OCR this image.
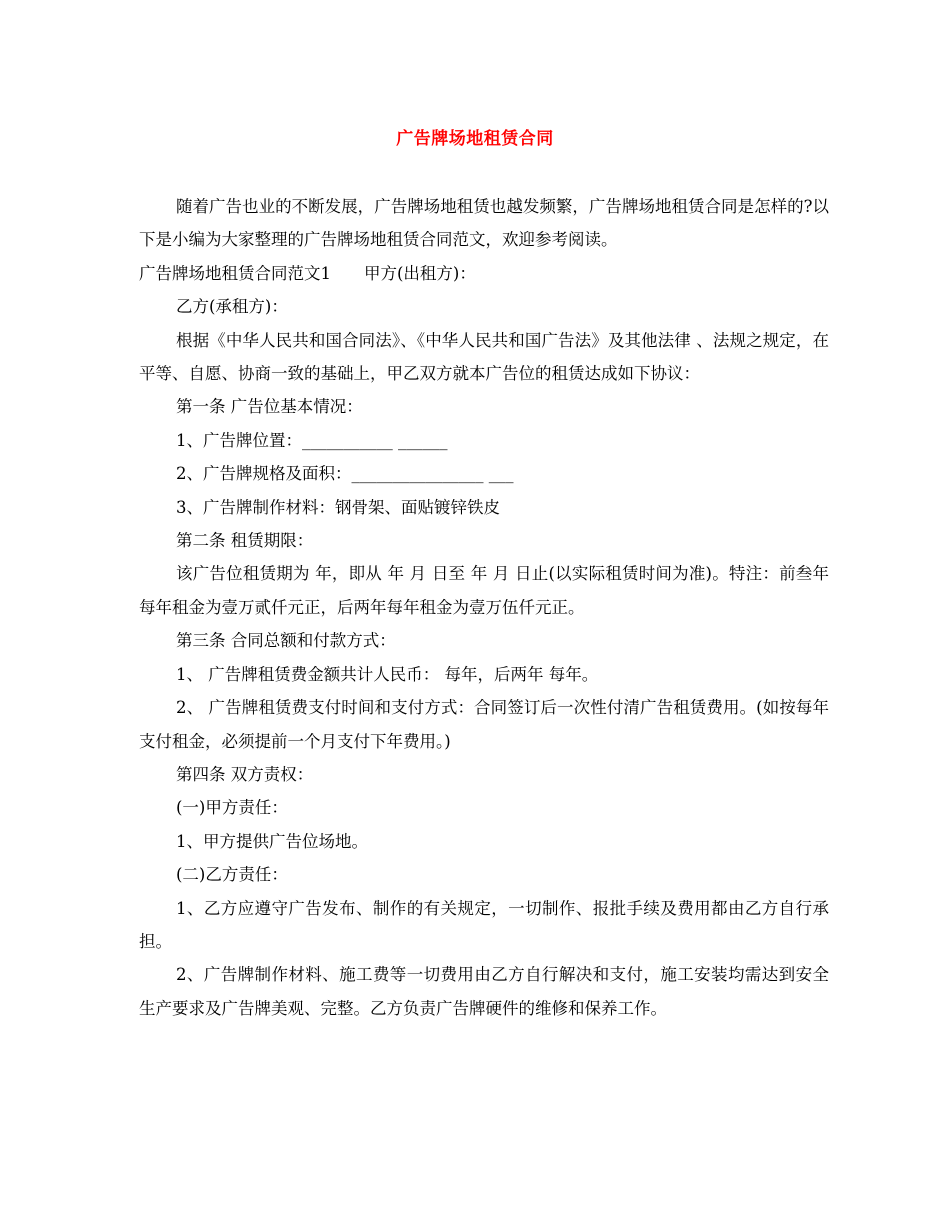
广告牌场地租赁合同

随着广告也业的不断发展，广告牌场地租赁也越发频繁，广告牌场地租赁合同是怎样的?以下是小编为大家整理的广告牌场地租赁合同范文，欢迎参考阅读。

广告牌场地租赁合同范文1　　甲方(出租方)：

乙方(承租方)：

根据《中华人民共和国合同法》、《中华人民共和国广告法》及其他法律 、法规之规定，在平等、自愿、协商一致的基础上，甲乙双方就本广告位的租赁达成如下协议：

第一条 广告位基本情况：

1、广告牌位置：___________ ______

2、广告牌规格及面积：________________ ___

3、广告牌制作材料：钢骨架、面贴镀锌铁皮

第二条 租赁期限：

该广告位租赁期为 年，即从 年 月 日至 年 月 日止(以实际租赁时间为准)。特注：前叁年每年租金为壹万贰仟元正，后两年每年租金为壹万伍仟元正。

第三条 合同总额和付款方式：

1、 广告牌租赁费金额共计人民币： 每年，后两年 每年。

2、 广告牌租赁费支付时间和支付方式：合同签订后一次性付清广告租赁费用。(如按每年支付租金，必须提前一个月支付下年费用。)

第四条 双方责权：

(一)甲方责任：

1、甲方提供广告位场地。

(二)乙方责任：

1、乙方应遵守广告发布、制作的有关规定，一切制作、报批手续及费用都由乙方自行承担。

2、广告牌制作材料、施工费等一切费用由乙方自行解决和支付，施工安装均需达到安全生产要求及广告牌美观、完整。乙方负责广告牌硬件的维修和保养工作。
